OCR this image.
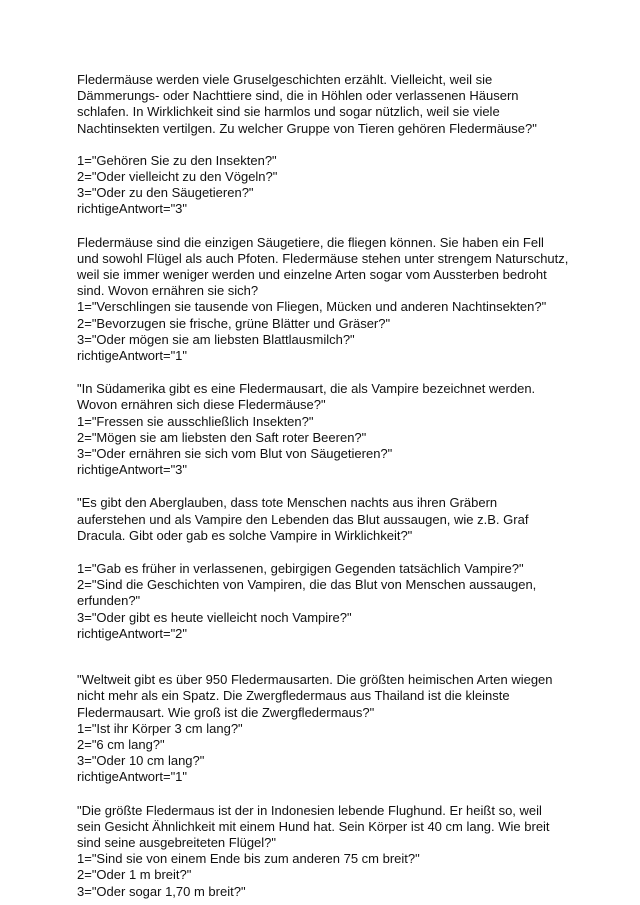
Fledermäuse werden viele Gruselgeschichten erzählt. Vielleicht, weil sie
Dämmerungs- oder Nachttiere sind, die in Höhlen oder verlassenen Häusern
schlafen. In Wirklichkeit sind sie harmlos und sogar nützlich, weil sie viele
Nachtinsekten vertilgen. Zu welcher Gruppe von Tieren gehören Fledermäuse?"
1="Gehören Sie zu den Insekten?"
2="Oder vielleicht zu den Vögeln?"
3="Oder zu den Säugetieren?"
richtigeAntwort="3"
Fledermäuse sind die einzigen Säugetiere, die fliegen können. Sie haben ein Fell
und sowohl Flügel als auch Pfoten. Fledermäuse stehen unter strengem Naturschutz,
weil sie immer weniger werden und einzelne Arten sogar vom Aussterben bedroht
sind. Wovon ernähren sie sich?
1="Verschlingen sie tausende von Fliegen, Mücken und anderen Nachtinsekten?"
2="Bevorzugen sie frische, grüne Blätter und Gräser?"
3="Oder mögen sie am liebsten Blattlausmilch?"
richtigeAntwort="1"
"In Südamerika gibt es eine Fledermausart, die als Vampire bezeichnet werden.
Wovon ernähren sich diese Fledermäuse?"
1="Fressen sie ausschließlich Insekten?"
2="Mögen sie am liebsten den Saft roter Beeren?"
3="Oder ernähren sie sich vom Blut von Säugetieren?"
richtigeAntwort="3"
"Es gibt den Aberglauben, dass tote Menschen nachts aus ihren Gräbern
auferstehen und als Vampire den Lebenden das Blut aussaugen, wie z.B. Graf
Dracula. Gibt oder gab es solche Vampire in Wirklichkeit?"
1="Gab es früher in verlassenen, gebirgigen Gegenden tatsächlich Vampire?"
2="Sind die Geschichten von Vampiren, die das Blut von Menschen aussaugen,
erfunden?"
3="Oder gibt es heute vielleicht noch Vampire?"
richtigeAntwort="2"
"Weltweit gibt es über 950 Fledermausarten. Die größten heimischen Arten wiegen
nicht mehr als ein Spatz. Die Zwergfledermaus aus Thailand ist die kleinste
Fledermausart. Wie groß ist die Zwergfledermaus?"
1="Ist ihr Körper 3 cm lang?"
2="6 cm lang?"
3="Oder 10 cm lang?"
richtigeAntwort="1"
"Die größte Fledermaus ist der in Indonesien lebende Flughund. Er heißt so, weil
sein Gesicht Ähnlichkeit mit einem Hund hat. Sein Körper ist 40 cm lang. Wie breit
sind seine ausgebreiteten Flügel?"
1="Sind sie von einem Ende bis zum anderen 75 cm breit?"
2="Oder 1 m breit?"
3="Oder sogar 1,70 m breit?"
